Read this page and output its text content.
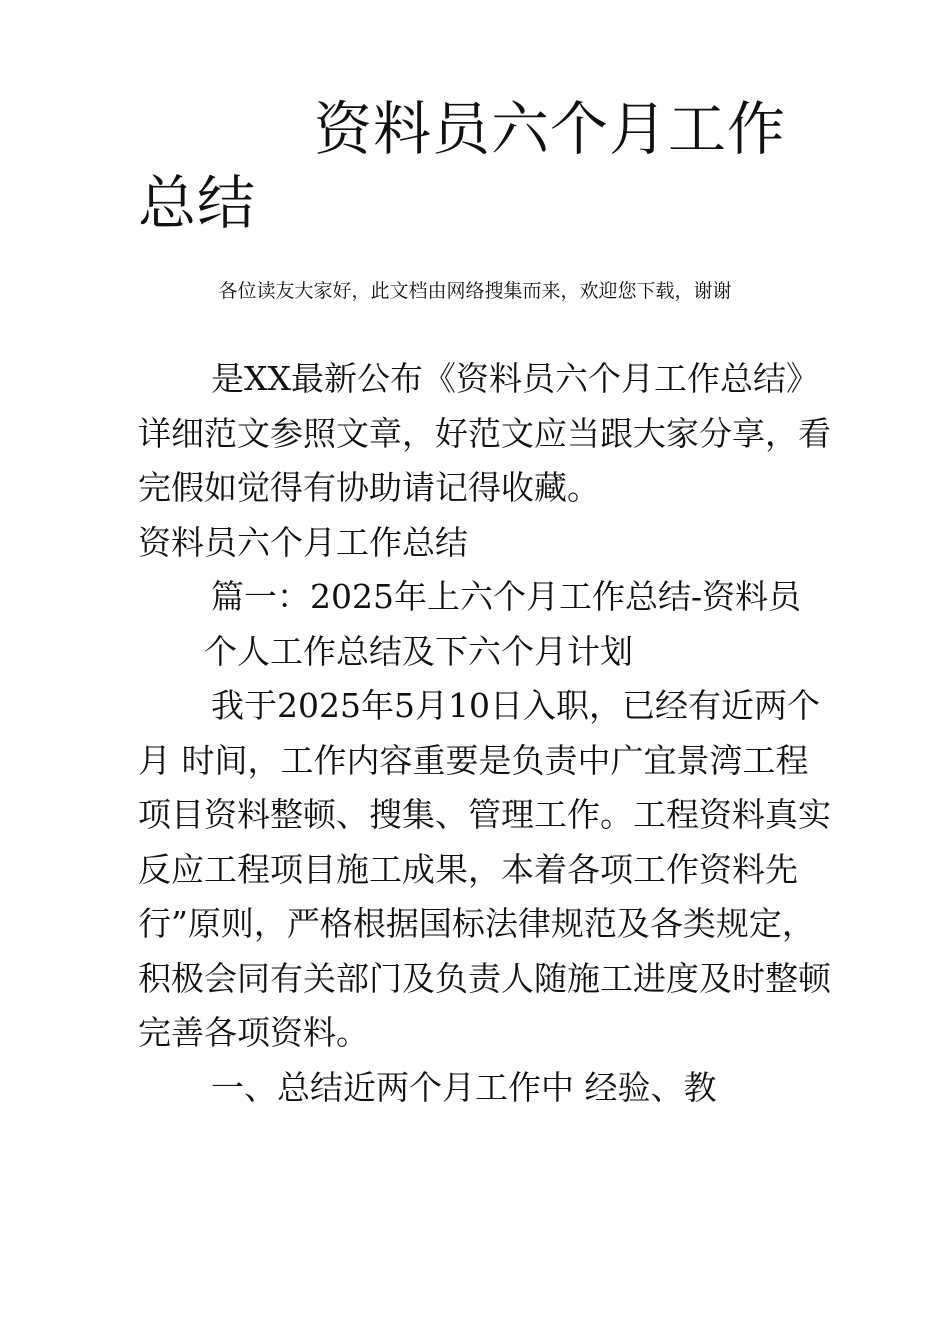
资料员六个月工作总结
各位读友大家好，此文档由网络搜集而来，欢迎您下载，谢谢

是XX最新公布《资料员六个月工作总结》 详细范文参照文章，好范文应当跟大家分享，看完假如觉得有协助请记得收藏。

资料员六个月工作总结

篇一：2025年上六个月工作总结-资料员

个人工作总结及下六个月计划

我于2025年5月10日入职，已经有近两个月 时间，工作内容重要是负责中广宜景湾工程项目资料整顿、搜集、管理工作。工程资料真实反应工程项目施工成果，本着各项工作资料先行”原则，严格根据国标法律规范及各类规定，积极会同有关部门及负责人随施工进度及时整顿完善各项资料。

一、总结近两个月工作中 经验、教
